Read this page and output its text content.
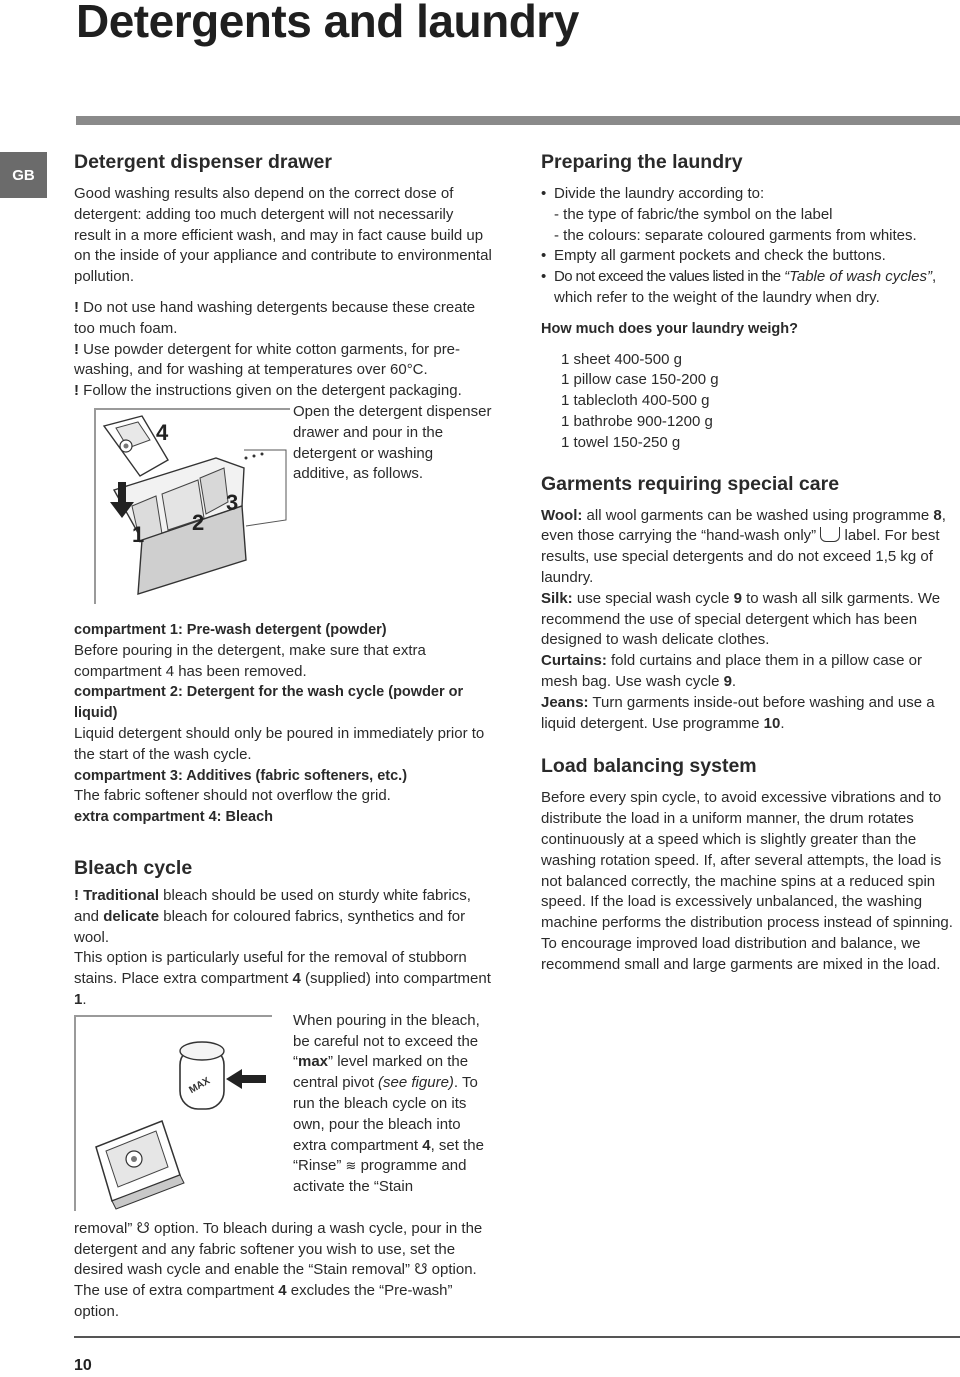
Detergents and laundry
GB
Detergent dispenser drawer

Good washing results also depend on the correct dose of detergent: adding too much detergent will not necessarily result in a more efficient wash, and may in fact cause build up on the inside of your appliance and contribute to environmental pollution.

! Do not use hand washing detergents because these create too much foam.

! Use powder detergent for white cotton garments, for pre-washing, and for washing at temperatures over 60°C.

! Follow the instructions given on the detergent packaging.

4
1 2
3

Open the detergent dispenser drawer and pour in the detergent or washing additive, as follows.

compartment 1: Pre-wash detergent (powder)

Before pouring in the detergent, make sure that extra compartment 4 has been removed.

compartment 2: Detergent for the wash cycle (powder or liquid)

Liquid detergent should only be poured in immediately prior to the start of the wash cycle.

compartment 3: Additives (fabric softeners, etc.)

The fabric softener should not overflow the grid.

extra compartment 4: Bleach
Bleach cycle

! Traditional bleach should be used on sturdy white fabrics, and delicate bleach for coloured fabrics, synthetics and for wool.

This option is particularly useful for the removal of stubborn stains. Place extra compartment 4 (supplied) into compartment 1.

MAX

When pouring in the bleach, be careful not to exceed the “max” level marked on the central pivot (see figure). To run the bleach cycle on its own, pour the bleach into extra compartment 4, set the “Rinse” ≋ programme and activate the “Stain

removal” ☋ option. To bleach during a wash cycle, pour in the detergent and any fabric softener you wish to use, set the desired wash cycle and enable the “Stain removal” ☋ option. The use of extra compartment 4 excludes the “Pre-wash” option.

Preparing the laundry
• Divide the laundry according to:
- the type of fabric/the symbol on the label
- the colours: separate coloured garments from whites.
• Empty all garment pockets and check the buttons.
• Do not exceed the values listed in the “Table of wash cycles”, which refer to the weight of the laundry when dry.
How much does your laundry weigh?
1 sheet 400-500 g
1 pillow case 150-200 g
1 tablecloth 400-500 g
1 bathrobe 900-1200 g
1 towel 150-250 g
Garments requiring special care

Wool: all wool garments can be washed using programme 8, even those carrying the “hand-wash only”  label. For best results, use special detergents and do not exceed 1,5 kg of laundry.

Silk: use special wash cycle 9 to wash all silk garments. We recommend the use of special detergent which has been designed to wash delicate clothes.

Curtains: fold curtains and place them in a pillow case or mesh bag. Use wash cycle 9.

Jeans: Turn garments inside-out before washing and use a liquid detergent. Use programme 10.

Load balancing system

Before every spin cycle, to avoid excessive vibrations and to distribute the load in a uniform manner, the drum rotates continuously at a speed which is slightly greater than the washing rotation speed. If, after several attempts, the load is not balanced correctly, the machine spins at a reduced spin speed. If the load is excessively unbalanced, the washing machine performs the distribution process instead of spinning. To encourage improved load distribution and balance, we recommend small and large garments are mixed in the load.

10
